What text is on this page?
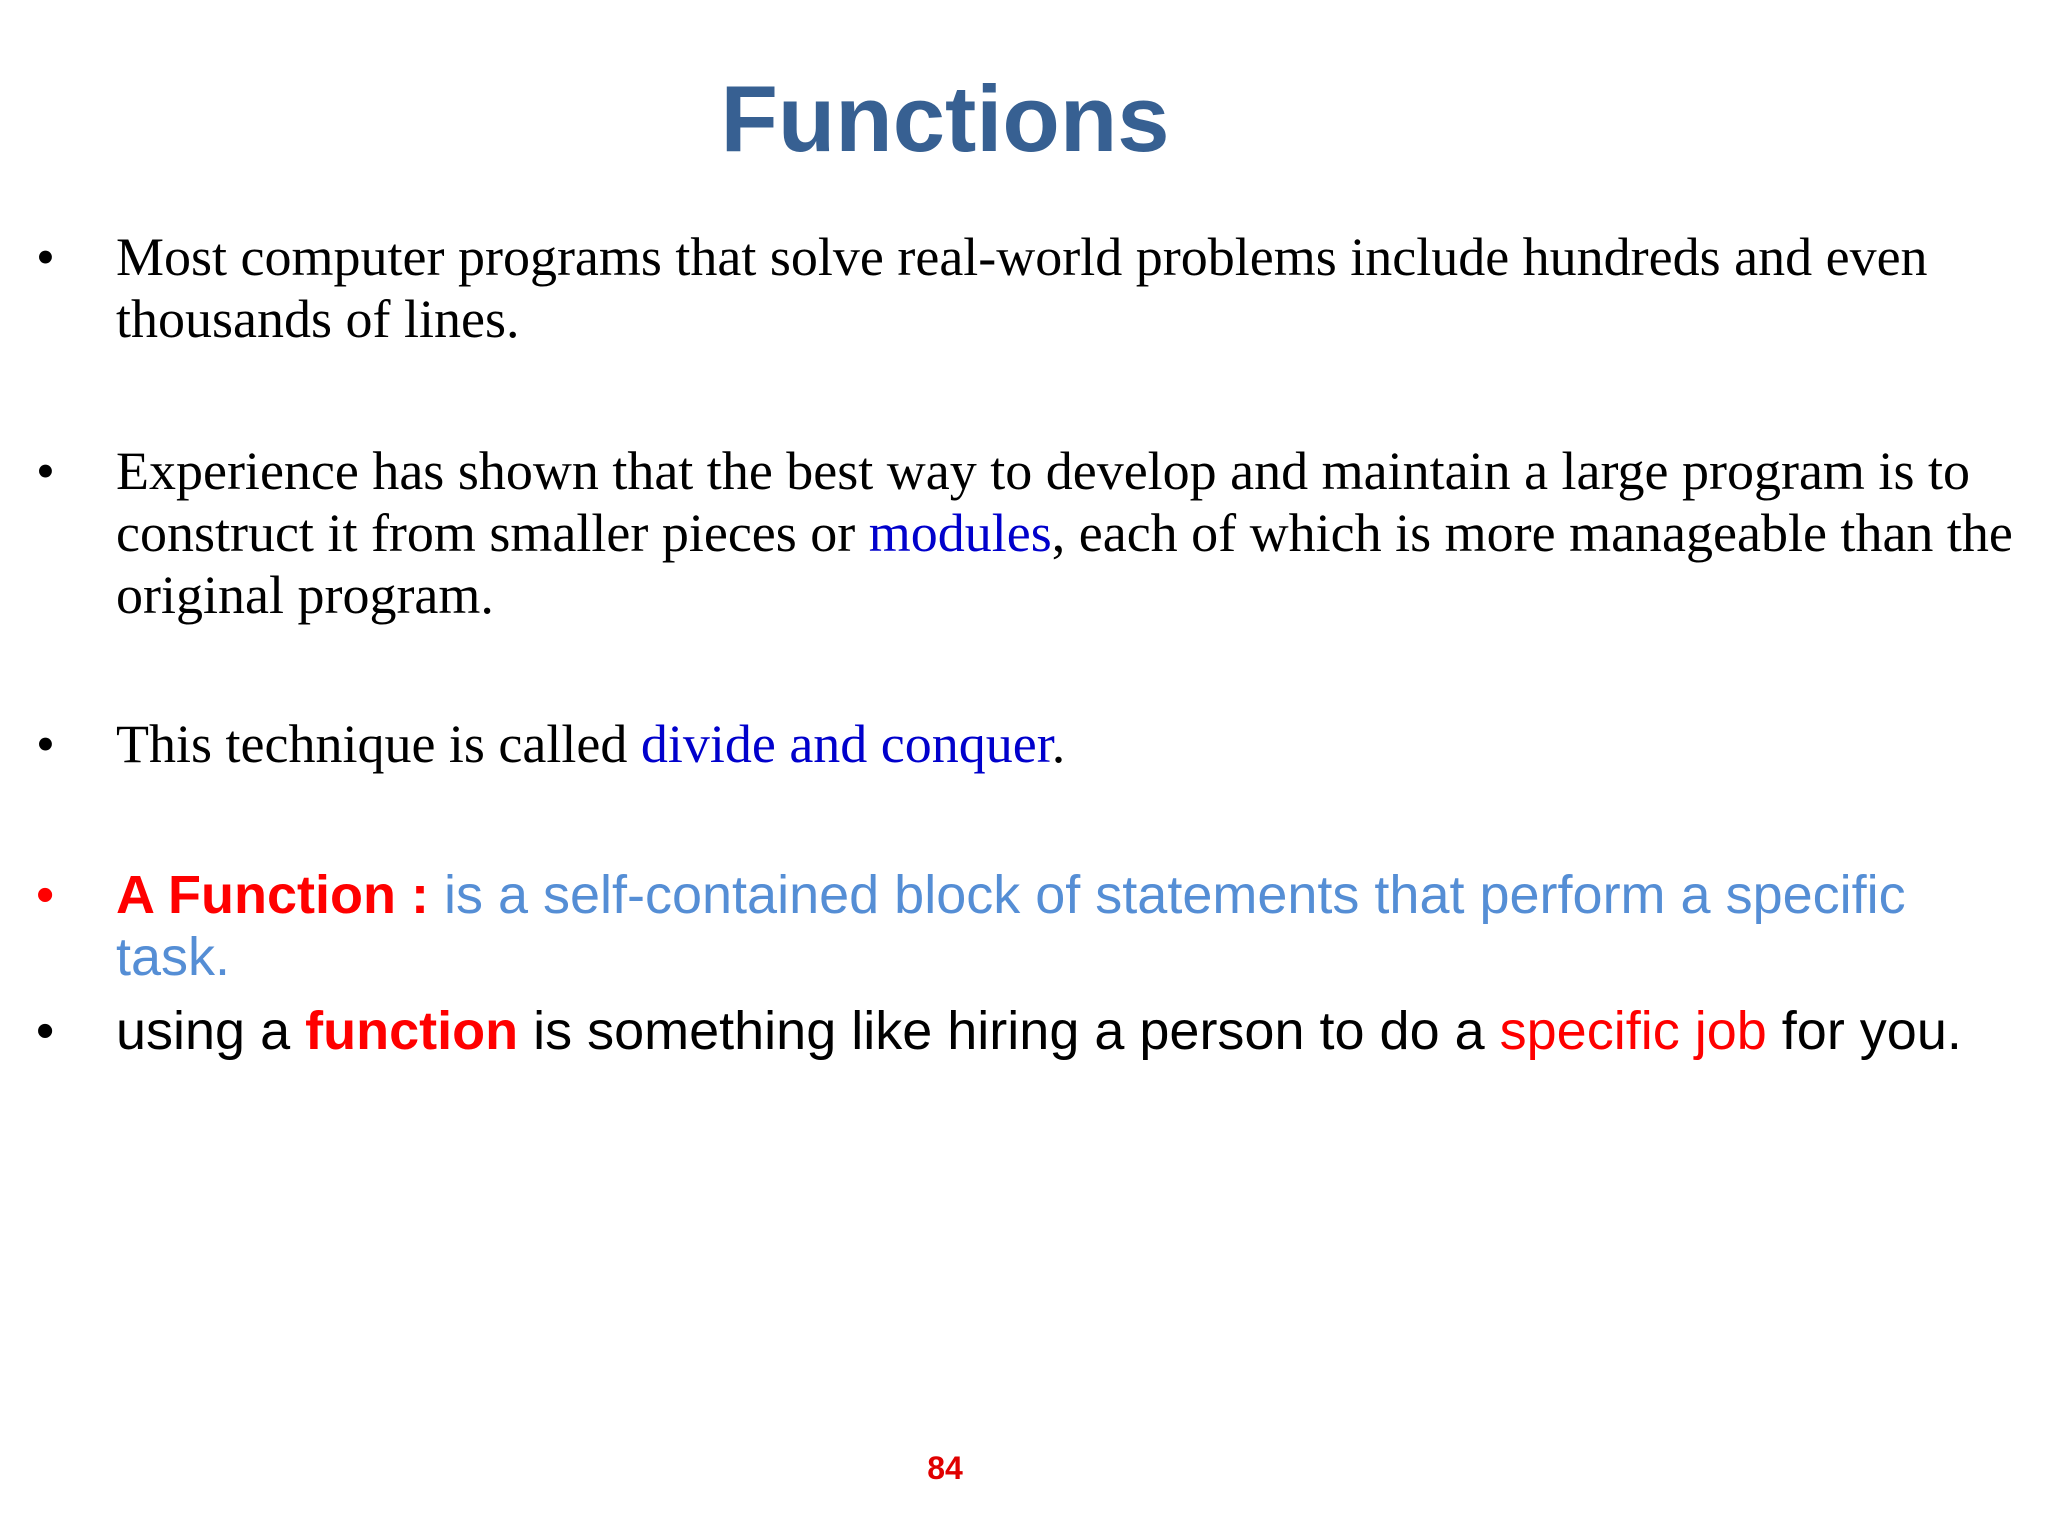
Functions
•	Most computer programs that solve real-world problems include hundreds and even thousands of lines.

•	Experience has shown that the best way to develop and maintain a large program is to construct it from smaller pieces or modules, each of which is more manageable than the original program.

•	This technique is called divide and conquer.

•	A Function : is a self-contained block of statements that perform a specific task.

•	using a function is something like hiring a person to do a specific job for you.

84
